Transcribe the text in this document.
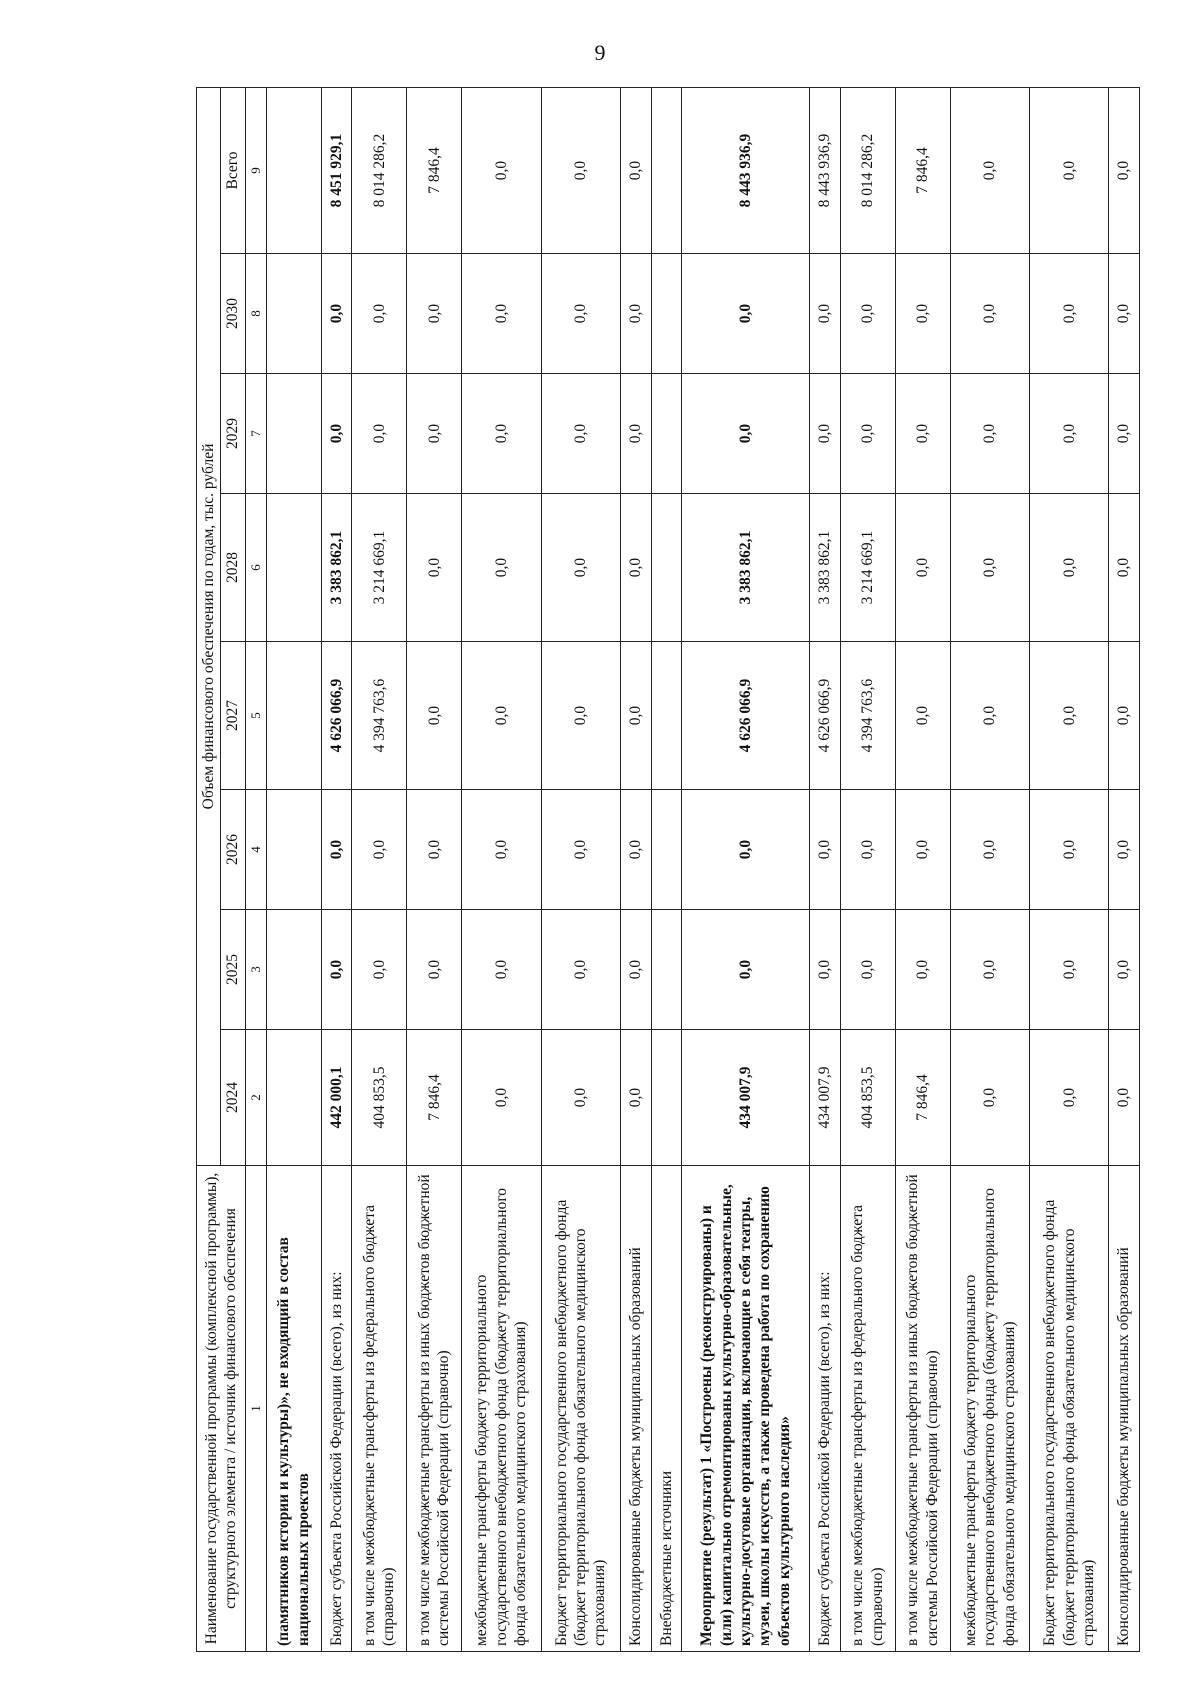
9
Наименование государственной программы (комплексной программы), структурного элемента / источник финансового обеспечения	Объем финансового обеспечения по годам, тыс. рублей							
	2024	2025	2026	2027	2028	2029	2030	Всего
1	2	3	4	5	6	7	8	9
(памятников истории и культуры)», не входящий в состав национальных проектов								
Бюджет субъекта Российской Федерации (всего), из них:	442 000,1	0,0	0,0	4 626 066,9	3 383 862,1	0,0	0,0	8 451 929,1
в том числе межбюджетные трансферты из федерального бюджета (справочно)	404 853,5	0,0	0,0	4 394 763,6	3 214 669,1	0,0	0,0	8 014 286,2
в том числе межбюджетные трансферты из иных бюджетов бюджетной системы Российской Федерации (справочно)	7 846,4	0,0	0,0	0,0	0,0	0,0	0,0	7 846,4
межбюджетные трансферты бюджету территориального государственного внебюджетного фонда (бюджету территориального фонда обязательного медицинского страхования)	0,0	0,0	0,0	0,0	0,0	0,0	0,0	0,0
Бюджет территориального государственного внебюджетного фонда (бюджет территориального фонда обязательного медицинского страхования)	0,0	0,0	0,0	0,0	0,0	0,0	0,0	0,0
Консолидированные бюджеты муниципальных образований	0,0	0,0	0,0	0,0	0,0	0,0	0,0	0,0
Внебюджетные источники								
Мероприятие (результат) 1 «Построены (реконструированы) и (или) капитально отремонтированы культурно-образовательные, культурно-досуговые организации, включающие в себя театры, музеи, школы искусств, а также проведена работа по сохранению объектов культурного наследия»	434 007,9	0,0	0,0	4 626 066,9	3 383 862,1	0,0	0,0	8 443 936,9
Бюджет субъекта Российской Федерации (всего), из них:	434 007,9	0,0	0,0	4 626 066,9	3 383 862,1	0,0	0,0	8 443 936,9
в том числе межбюджетные трансферты из федерального бюджета (справочно)	404 853,5	0,0	0,0	4 394 763,6	3 214 669,1	0,0	0,0	8 014 286,2
в том числе межбюджетные трансферты из иных бюджетов бюджетной системы Российской Федерации (справочно)	7 846,4	0,0	0,0	0,0	0,0	0,0	0,0	7 846,4
межбюджетные трансферты бюджету территориального государственного внебюджетного фонда (бюджету территориального фонда обязательного медицинского страхования)	0,0	0,0	0,0	0,0	0,0	0,0	0,0	0,0
Бюджет территориального государственного внебюджетного фонда (бюджет территориального фонда обязательного медицинского страхования)	0,0	0,0	0,0	0,0	0,0	0,0	0,0	0,0
Консолидированные бюджеты муниципальных образований	0,0	0,0	0,0	0,0	0,0	0,0	0,0	0,0
